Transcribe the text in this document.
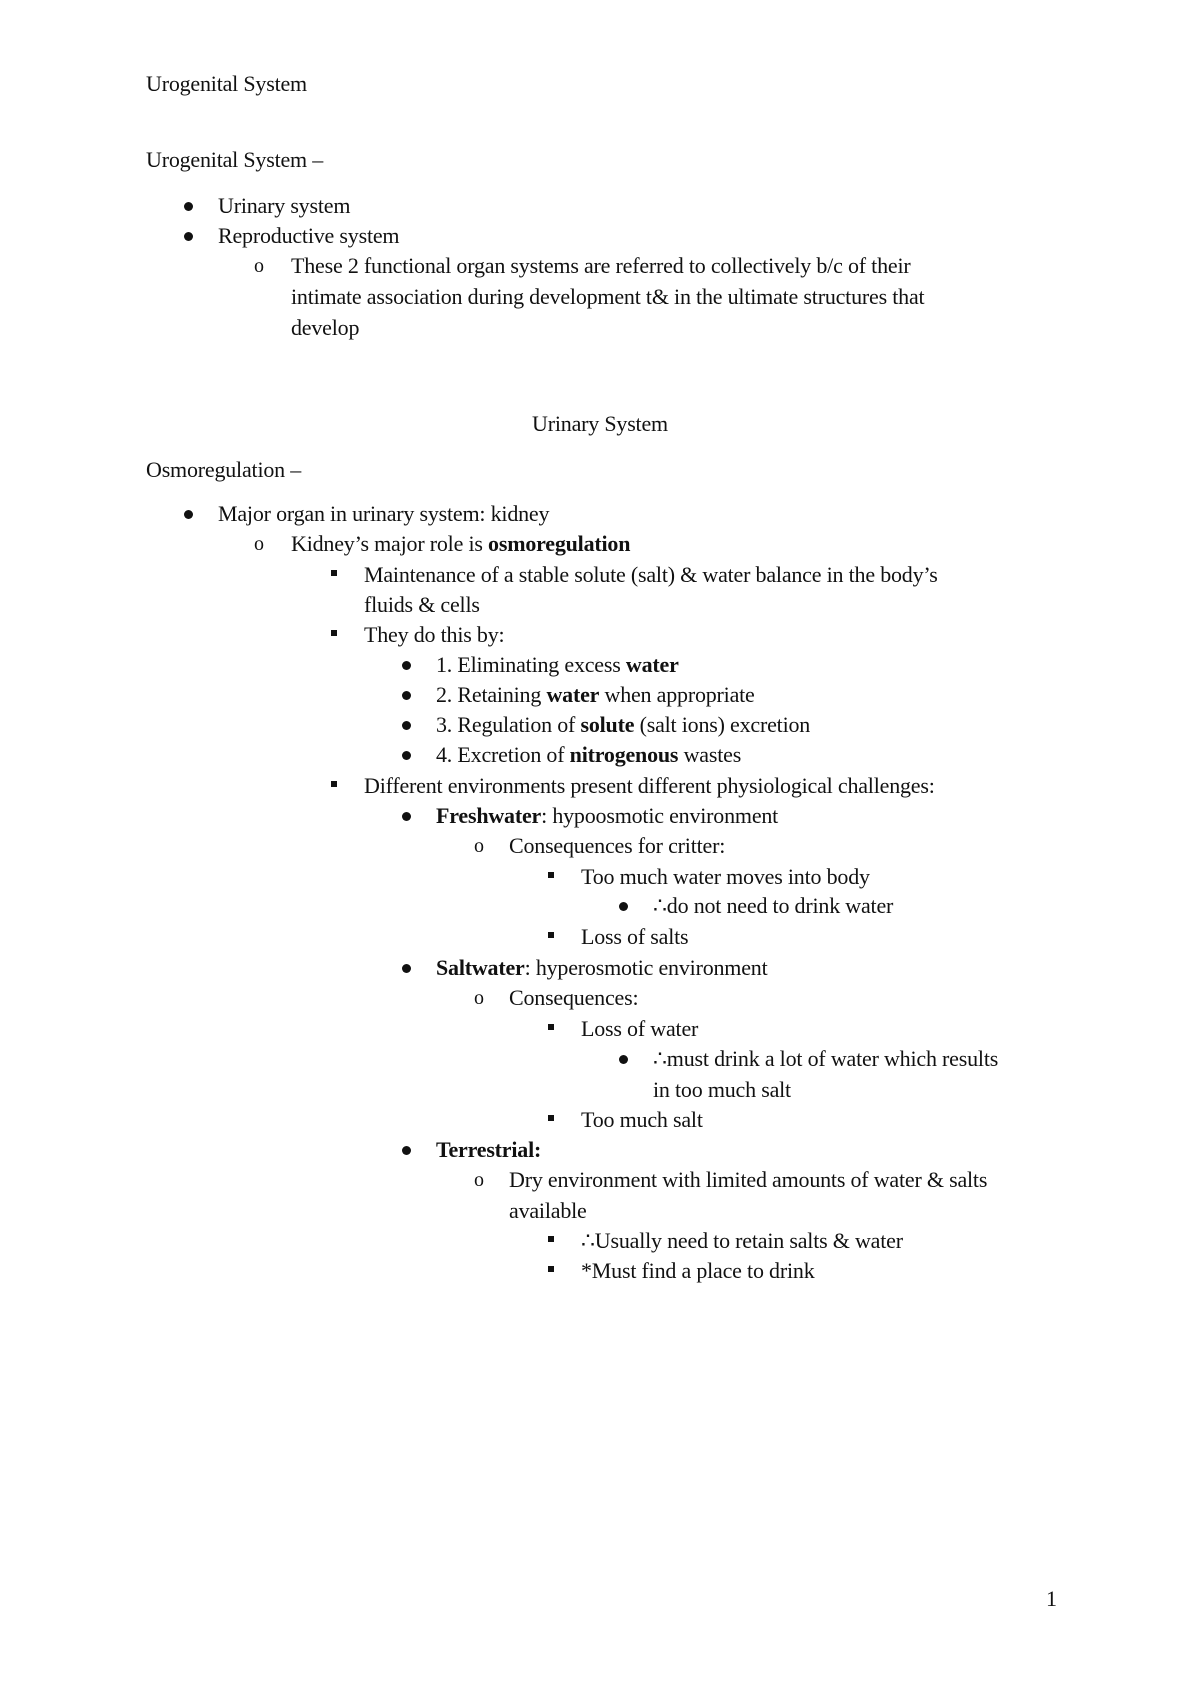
Urogenital System
Urogenital System –
Urinary system
Reproductive system
o These 2 functional organ systems are referred to collectively b/c of their
intimate association during development t& in the ultimate structures that
develop
Urinary System
Osmoregulation –
Major organ in urinary system: kidney
o Kidney’s major role is osmoregulation
Maintenance of a stable solute (salt) & water balance in the body’s
fluids & cells
They do this by:
1. Eliminating excess water
2. Retaining water when appropriate
3. Regulation of solute (salt ions) excretion
4. Excretion of nitrogenous wastes
Different environments present different physiological challenges:
Freshwater: hypoosmotic environment
o Consequences for critter:
Too much water moves into body
∴do not need to drink water
Loss of salts
Saltwater: hyperosmotic environment
o Consequences:
Loss of water
∴must drink a lot of water which results
in too much salt
Too much salt
Terrestrial:
o Dry environment with limited amounts of water & salts
available
∴Usually need to retain salts & water
*Must find a place to drink
1
